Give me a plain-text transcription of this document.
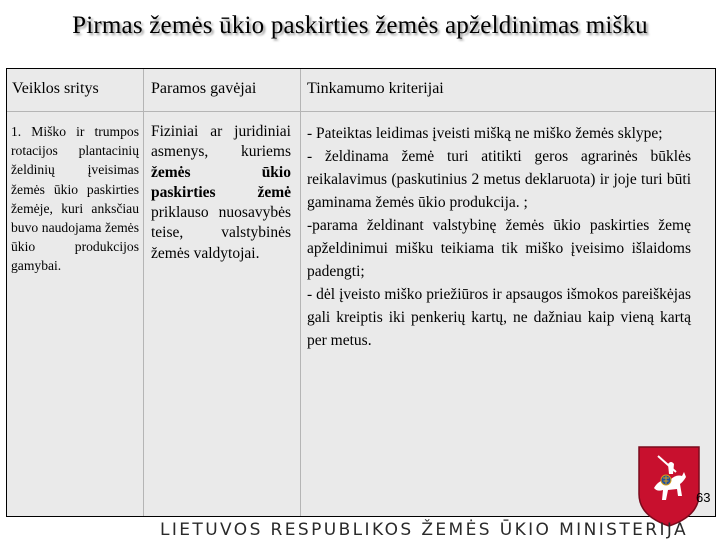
Pirmas žemės ūkio paskirties žemės apželdinimas mišku
Veiklos sritys	Paramos gavėjai	Tinkamumo kriterijai

1. Miško ir trumpos rotacijos plantacinių želdinių įveisimas žemės ūkio paskirties žemėje, kuri anksčiau buvo naudojama žemės ūkio produkcijos gamybai.

Fiziniai ar juridiniai asmenys, kuriems žemės ūkio paskirties žemė priklauso nuosavybės teise, valstybinės žemės valdytojai.

- Pateiktas leidimas įveisti mišką ne miško žemės sklype;

- želdinama žemė turi atitikti geros agrarinės būklės reikalavimus (paskutinius 2 metus deklaruota) ir joje turi būti gaminama žemės ūkio produkcija. ;

-parama želdinant valstybinę žemės ūkio paskirties žemę apželdinimui mišku teikiama tik miško įveisimo išlaidoms padengti;

- dėl įveisto miško priežiūros ir apsaugos išmokos pareiškėjas gali kreiptis iki penkerių kartų, ne dažniau kaip vieną kartą per metus.

63
LIETUVOS RESPUBLIKOS ŽEMĖS ŪKIO MINISTERIJA
